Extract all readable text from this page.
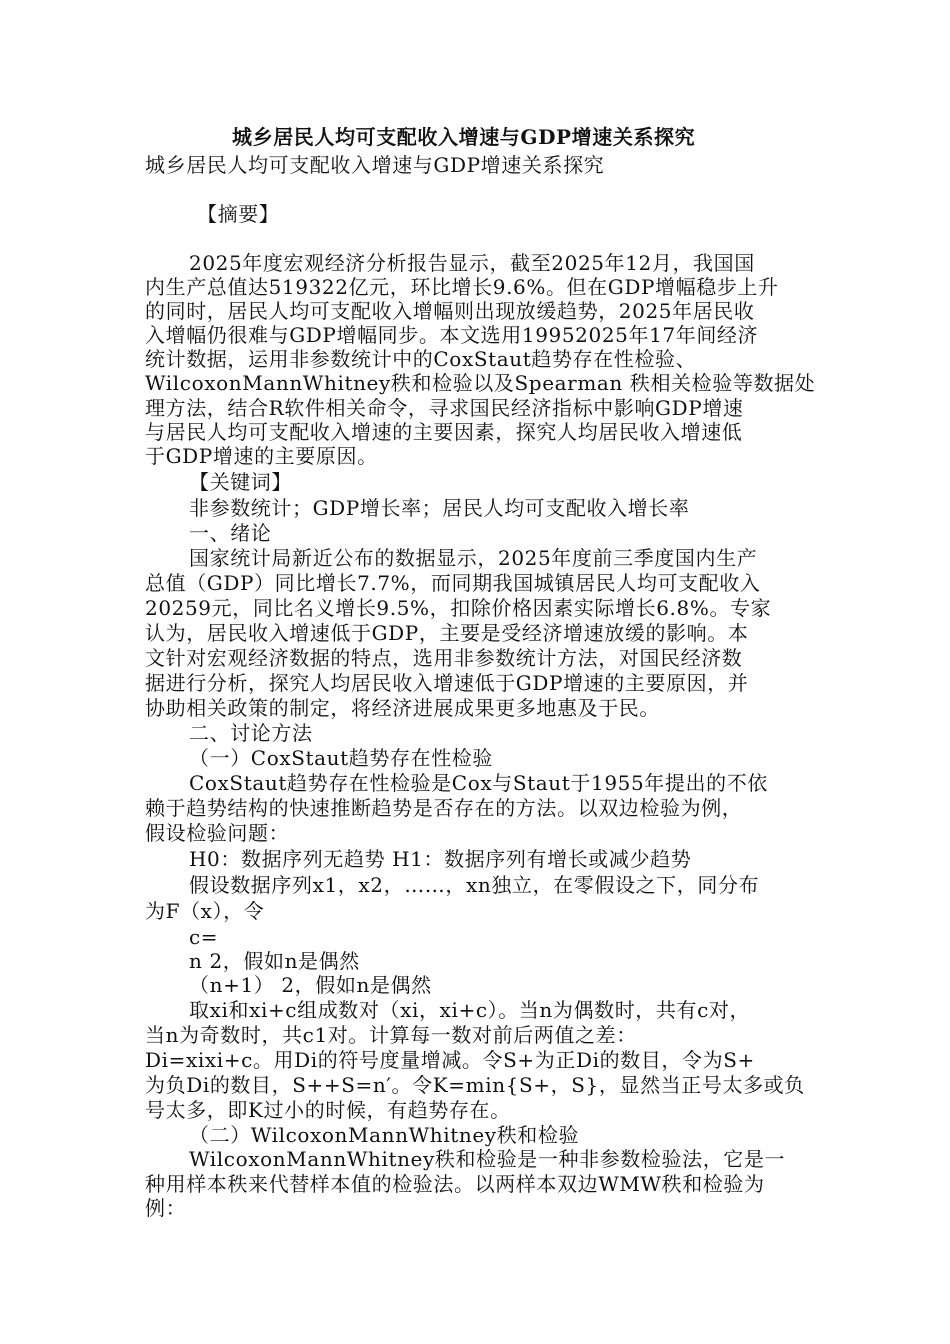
城乡居民人均可支配收入增速与GDP增速关系探究
城乡居民人均可支配收入增速与GDP增速关系探究
【摘要】
2025年度宏观经济分析报告显示，截至2025年12月，我国国
内生产总值达519322亿元，环比增长9.6%。但在GDP增幅稳步上升
的同时，居民人均可支配收入增幅则出现放缓趋势，2025年居民收
入增幅仍很难与GDP增幅同步。本文选用19952025年17年间经济
统计数据，运用非参数统计中的CoxStaut趋势存在性检验、
WilcoxonMannWhitney秩和检验以及Spearman 秩相关检验等数据处
理方法，结合R软件相关命令，寻求国民经济指标中影响GDP增速
与居民人均可支配收入增速的主要因素，探究人均居民收入增速低
于GDP增速的主要原因。
【关键词】
非参数统计；GDP增长率；居民人均可支配收入增长率
一、绪论
国家统计局新近公布的数据显示，2025年度前三季度国内生产
总值（GDP）同比增长7.7%，而同期我国城镇居民人均可支配收入
20259元，同比名义增长9.5%，扣除价格因素实际增长6.8%。专家
认为，居民收入增速低于GDP，主要是受经济增速放缓的影响。本
文针对宏观经济数据的特点，选用非参数统计方法，对国民经济数
据进行分析，探究人均居民收入增速低于GDP增速的主要原因，并
协助相关政策的制定，将经济进展成果更多地惠及于民。
二、讨论方法
（一）CoxStaut趋势存在性检验
CoxStaut趋势存在性检验是Cox与Staut于1955年提出的不依
赖于趋势结构的快速推断趋势是否存在的方法。以双边检验为例，
假设检验问题：
H0：数据序列无趋势 H1：数据序列有增长或减少趋势
假设数据序列x1，x2，……，xn独立，在零假设之下，同分布
为F（x），令
c=
n 2，假如n是偶然
（n+1） 2，假如n是偶然
取xi和xi+c组成数对（xi，xi+c）。当n为偶数时，共有c对，
当n为奇数时，共c1对。计算每一数对前后两值之差：
Di=xixi+c。用Di的符号度量增减。令S+为正Di的数目，令为S+
为负Di的数目，S++S=n′。令K=min{S+，S}，显然当正号太多或负
号太多，即K过小的时候，有趋势存在。
（二）WilcoxonMannWhitney秩和检验
WilcoxonMannWhitney秩和检验是一种非参数检验法，它是一
种用样本秩来代替样本值的检验法。以两样本双边WMW秩和检验为
例：
